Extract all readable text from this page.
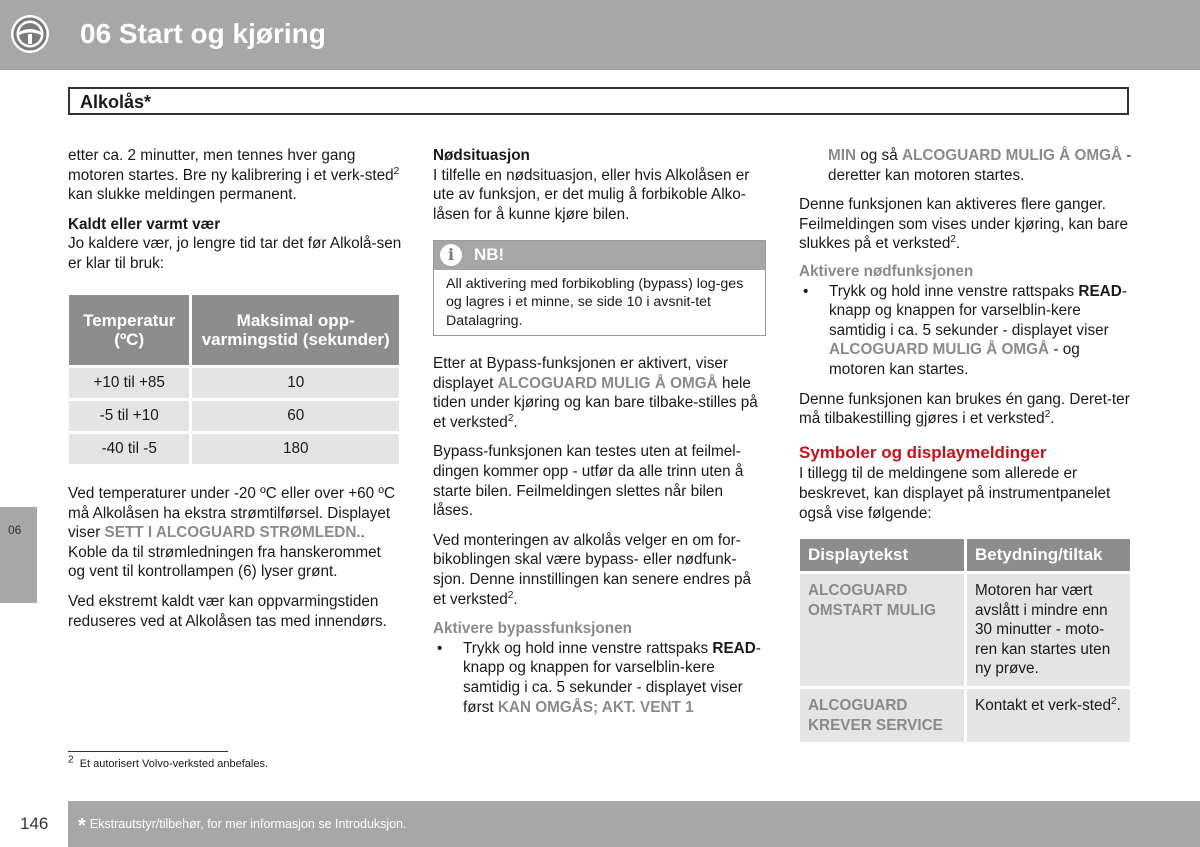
06 Start og kjøring
Alkolås*

etter ca. 2 minutter, men tennes hver gang motoren startes. Bre ny kalibrering i et verk-sted$^2$ kan slukke meldingen permanent.

Kaldt eller varmt vær

Jo kaldere vær, jo lengre tid tar det før Alkolå-sen er klar til bruk:

Temperatur (ºC)	Maksimal opp-varmingstid (sekunder)
+10 til +85	10
-5 til +10	60
-40 til -5	180

Ved temperaturer under -20 ºC eller over +60 ºC må Alkolåsen ha ekstra strømtilførsel. Displayet viser SETT I ALCOGUARD STRØMLEDN.. Koble da til strømledningen fra hanskerommet og vent til kontrollampen (6) lyser grønt.

Ved ekstremt kaldt vær kan oppvarmingstiden reduseres ved at Alkolåsen tas med innendørs.

Nødsituasjon

I tilfelle en nødsituasjon, eller hvis Alkolåsen er ute av funksjon, er det mulig å forbikoble Alko-låsen for å kunne kjøre bilen.

i	NB!
All aktivering med forbikobling (bypass) log-ges og lagres i et minne, se side 10 i avsnit-tet Datalagring.

Etter at Bypass-funksjonen er aktivert, viser displayet ALCOGUARD MULIG Å OMGÅ hele tiden under kjøring og kan bare tilbake-stilles på et verksted$^2$.

Bypass-funksjonen kan testes uten at feilmel-dingen kommer opp - utfør da alle trinn uten å starte bilen. Feilmeldingen slettes når bilen låses.

Ved monteringen av alkolås velger en om for-bikoblingen skal være bypass- eller nødfunk-sjon. Denne innstillingen kan senere endres på et verksted$^2$.

Aktivere bypassfunksjonen
• Trykk og hold inne venstre rattspaks READ-knapp og knappen for varselblin-kere samtidig i ca. 5 sekunder - displayet viser først KAN OMGÅS; AKT. VENT 1

MIN og så ALCOGUARD MULIG Å OMGÅ - deretter kan motoren startes.

Denne funksjonen kan aktiveres flere ganger. Feilmeldingen som vises under kjøring, kan bare slukkes på et verksted$^2$.

Aktivere nødfunksjonen
• Trykk og hold inne venstre rattspaks READ-knapp og knappen for varselblin-kere samtidig i ca. 5 sekunder - displayet viser ALCOGUARD MULIG Å OMGÅ - og motoren kan startes.

Denne funksjonen kan brukes én gang. Deret-ter må tilbakestilling gjøres i et verksted$^2$.

Symboler og displaymeldinger

I tillegg til de meldingene som allerede er beskrevet, kan displayet på instrumentpanelet også vise følgende:

Displaytekst	Betydning/tiltak
ALCOGUARD OMSTART MULIG	Motoren har vært avslått i mindre enn 30 minutter - moto-ren kan startes uten ny prøve.
ALCOGUARD KREVER SERVICE	Kontakt et verk-sted$^2$.
06
$^2$ Et autorisert Volvo-verksted anbefales.
146 * Ekstrautstyr/tilbehør, for mer informasjon se Introduksjon.
